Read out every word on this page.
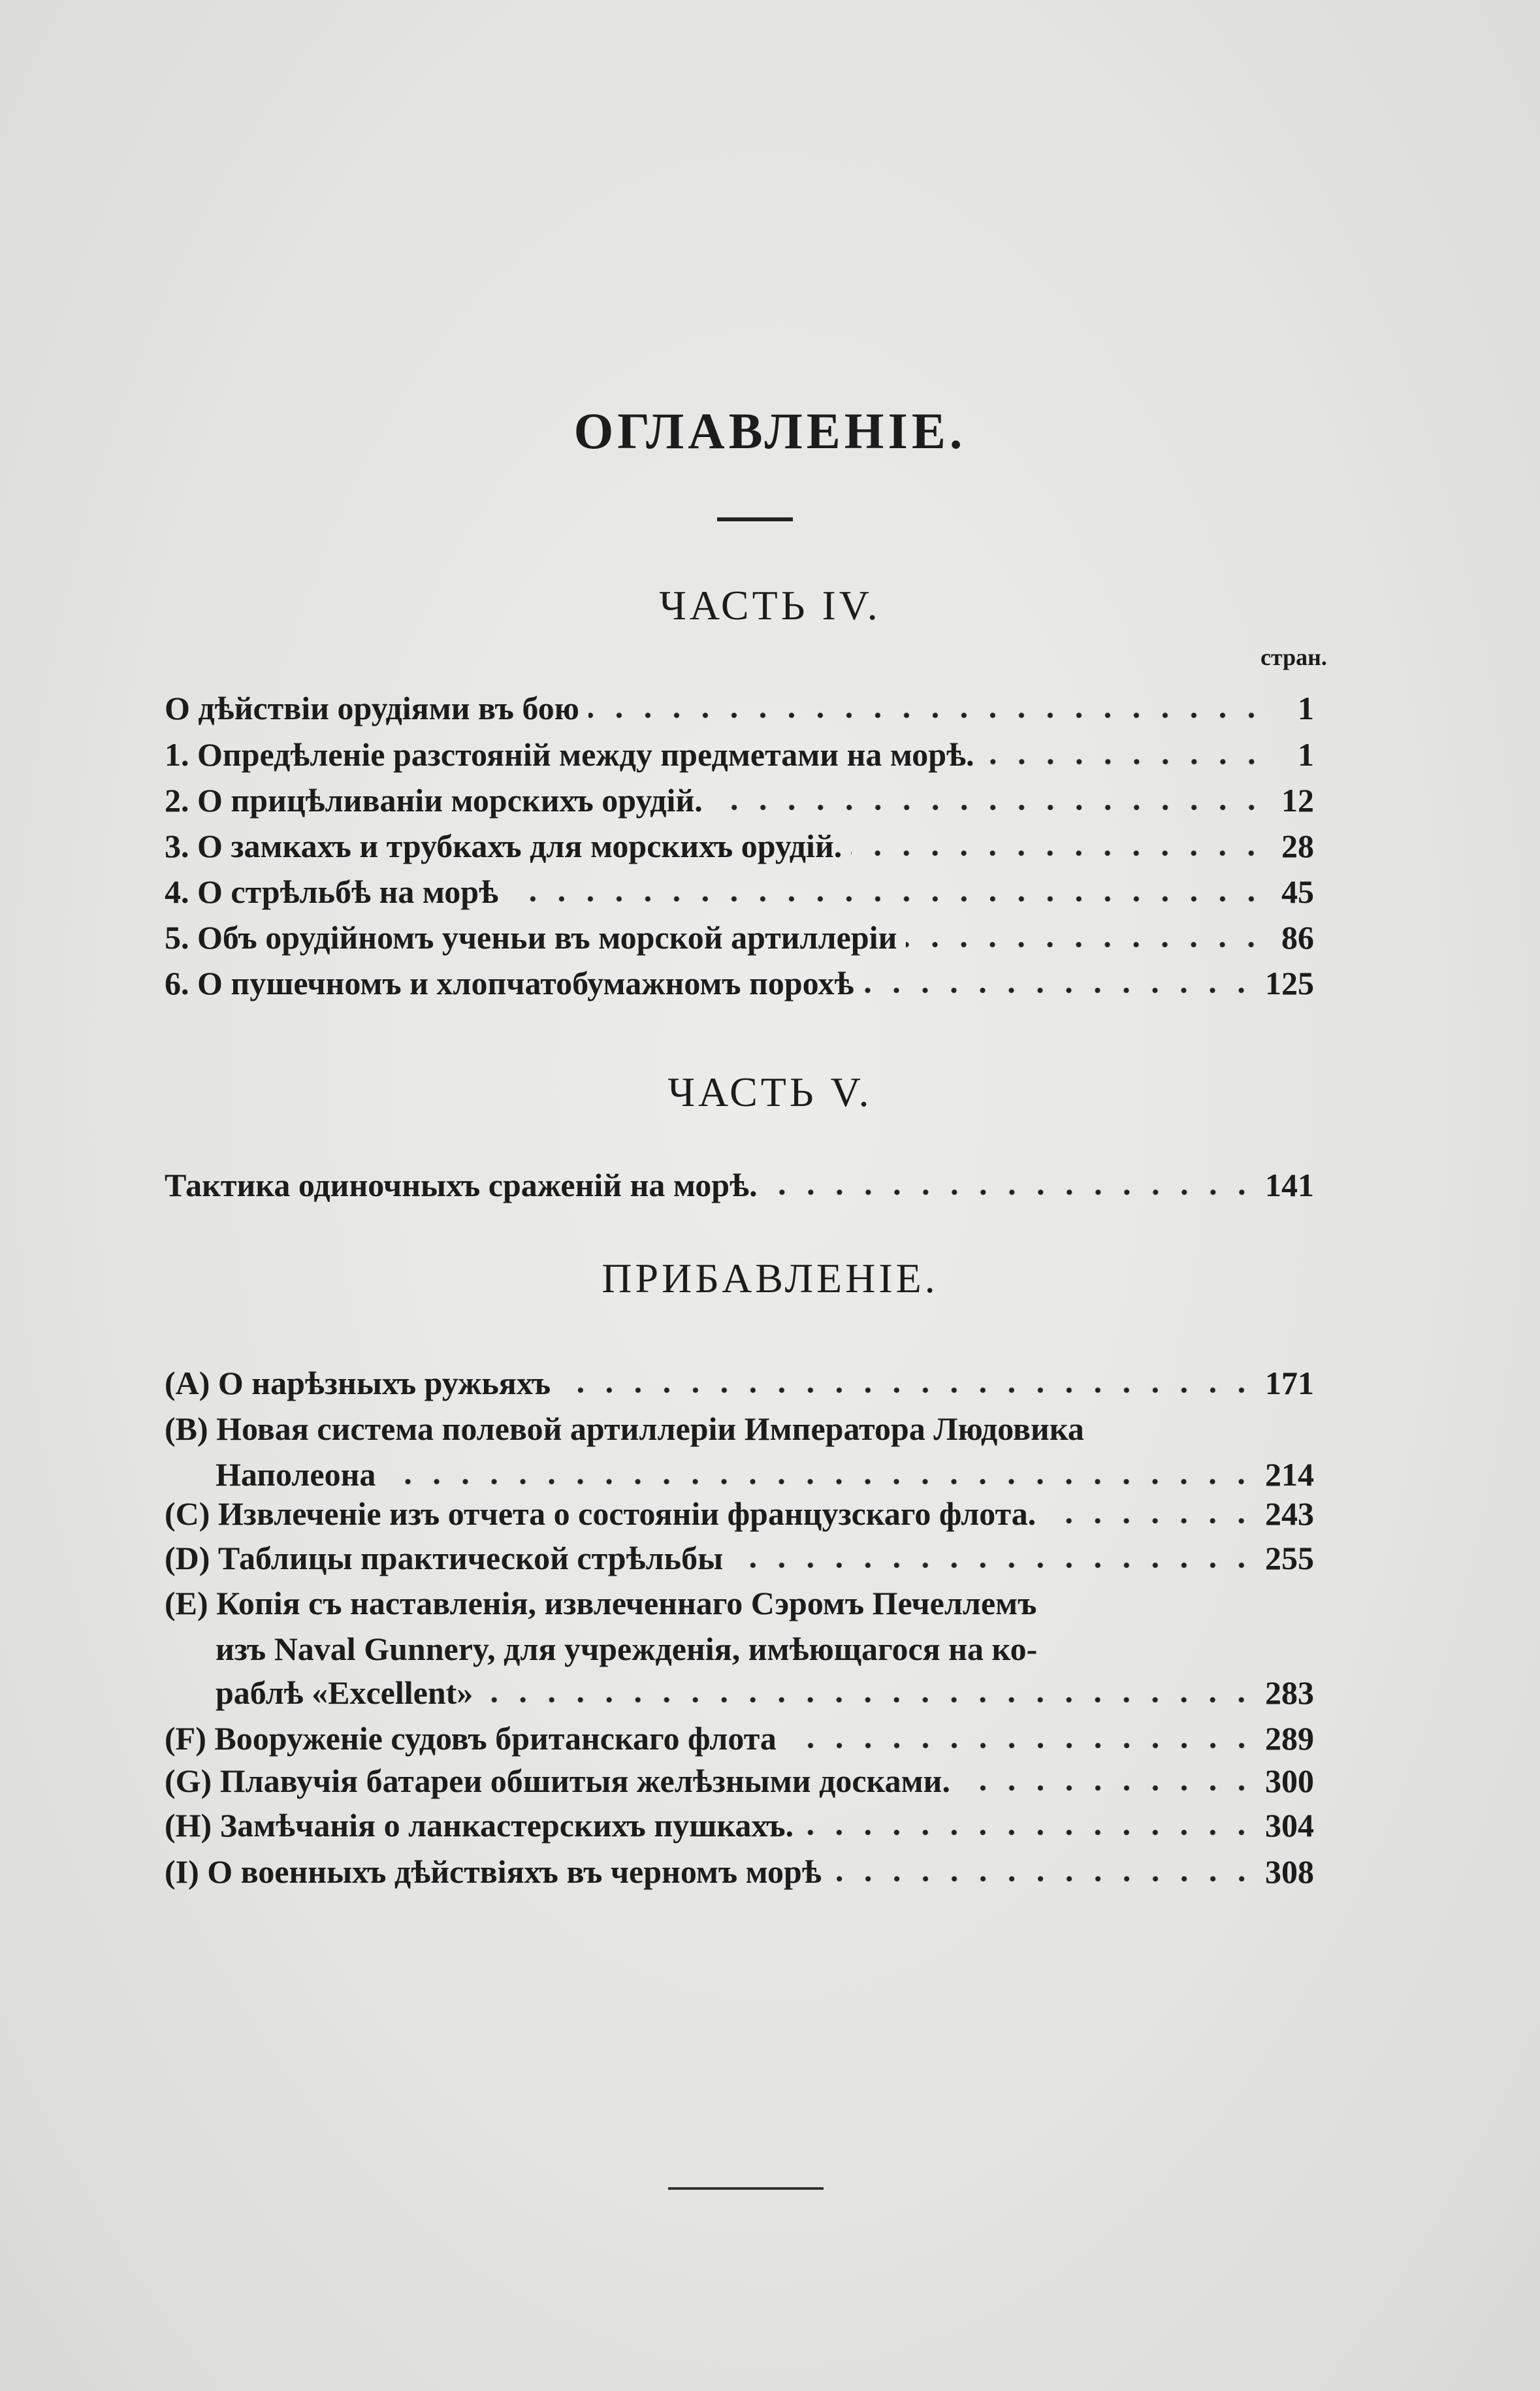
ОГЛАВЛЕНІЕ.
ЧАСТЬ IV.
стран.
О дѣйствіи орудіями въ бою	1
1. Опредѣленіе разстояній между предметами на морѣ.	1
2. О прицѣливаніи морскихъ орудій.	12
3. О замкахъ и трубкахъ для морскихъ орудій.	28
4. О стрѣльбѣ на морѣ	45
5. Объ орудійномъ ученьи въ морской артиллеріи	86
6. О пушечномъ и хлопчатобумажномъ порохѣ	125
ЧАСТЬ V.
Тактика одиночныхъ сраженій на морѣ.	141
ПРИБАВЛЕНІЕ.
(A) О нарѣзныхъ ружьяхъ	171
(B) Новая система полевой артиллеріи Императора Людовика
Наполеона	214
(C) Извлеченіе изъ отчета о состояніи французскаго флота.	243
(D) Таблицы практической стрѣльбы	255
(E) Копія съ наставленія, извлеченнаго Сэромъ Печеллемъ
изъ Naval Gunnery, для учрежденія, имѣющагося на ко-
раблѣ «Excellent»	283
(F) Вооруженіе судовъ британскаго флота	289
(G) Плавучія батареи обшитыя желѣзными досками.	300
(H) Замѣчанія о ланкастерскихъ пушкахъ.	304
(I) О военныхъ дѣйствіяхъ въ черномъ морѣ	308
